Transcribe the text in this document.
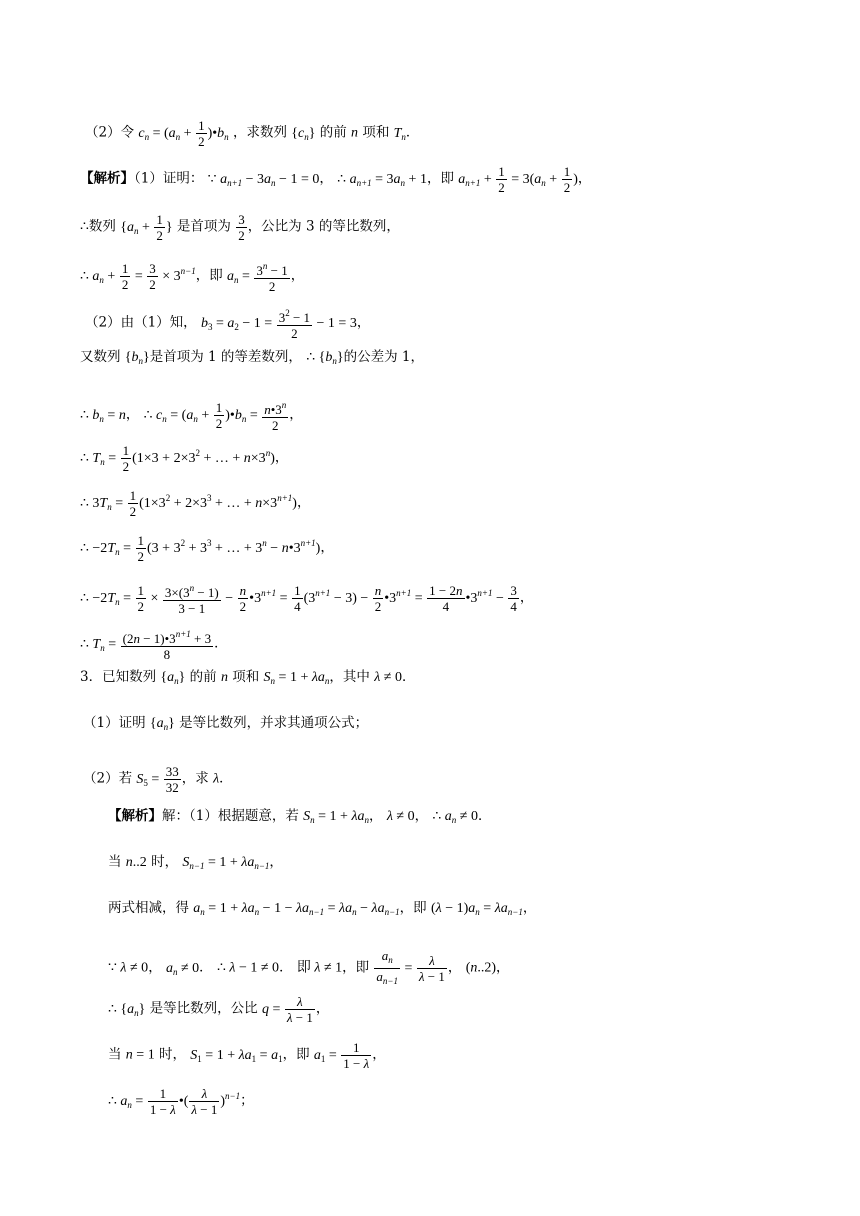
（2）令 $c_n = (a_n + \frac{1}{2}$ )$•b_n$ ，求数列 $\{c_n\}$ 的前 n 项和 $T_n$．
【解析】（1）证明： ∵ $a_{n+1} - 3a_n - 1 = 0$， ∴ $a_{n+1} = 3a_n + 1$，即 $a_{n+1} + \frac{1}{2} = 3(a_n + \frac{1}{2}$ )，
∴数列 {$a_n + \frac{1}{2}$ } 是首项为 $\frac{3}{2}$ ，公比为 3 的等比数列，
∴ $a_n + \frac{1}{2} = \frac{3}{2} \times 3^{n-1}$，即 $a_n = \frac{3^n - 1}{2}$ ，
（2）由（1）知， $b_3 = a_2 - 1 = \frac{3^2 - 1}{2} - 1 = 3$，
又数列 $\{b_n\}$是首项为 1 的等差数列， ∴ $\{b_n\}$的公差为 1，
∴ $b_n = n$， ∴ $c_n = (a_n + \frac{1}{2}$ )$•b_n = \frac{n•3^n}{2}$ ，
∴ $T_n = \frac{1}{2} (1\times 3 + 2\times 3^2$ + … + $n\times 3^n$)，
∴ $3T_n = \frac{1}{2} (1\times 3^2 + 2\times 3^3$ + … + $n\times 3^{n+1}$)，
∴ $-2T_n = \frac{1}{2} (3 + 3^2 + 3^3$ + … + $3^n$ − $n•3^{n+1}$)，
∴ $-2T_n = \frac{1}{2} \times \frac{3\times(3^n - 1)}{3 - 1} - \frac{n}{2}$ $•3^{n+1} = \frac{1}{4} (3^{n+1} - 3) - \frac{n}{2}$ $•3^{n+1} = \frac{1 - 2n}{4}$ $•3^{n+1} - \frac{3}{4}$ ，
∴ $T_n = \frac{(2n - 1)•3^{n+1} + 3}{8}$ ．
3．已知数列 $\{a_n\}$ 的前 n 项和 $S_n = 1 + \lambda a_n$，其中 λ ≠ 0．
（1）证明 $\{a_n\}$ 是等比数列，并求其通项公式；
（2）若 $S_5 = \frac{33}{32}$ ，求 λ．
【解析】解：（1）根据题意，若 $S_n = 1 + \lambda a_n$， λ ≠ 0， ∴ $a_n \ne 0$．
当 n..2 时， $S_{n-1} = 1 + \lambda a_{n-1}$，
两式相减，得 $a_n = 1 + \lambda a_n - 1 - \lambda a_{n-1} = \lambda a_n - \lambda a_{n-1}$，即 $(\lambda - 1)a_n = \lambda a_{n-1}$，
∵ λ ≠ 0， $a_n \ne 0$． ∴ λ − 1 ≠ 0． 即 λ ≠ 1，即 $\frac{a_n}{a_{n-1}} = \frac{\lambda}{\lambda - 1}$ ， (n..2)，
∴ $\{a_n\}$ 是等比数列，公比 $q = \frac{\lambda}{\lambda - 1}$ ，
当 n = 1 时， $S_1 = 1 + \lambda a_1 = a_1$，即 $a_1 = \frac{1}{1 - \lambda}$ ，
∴ $a_n = \frac{1}{1 - \lambda}$ •( $\frac{\lambda}{\lambda - 1} )^{n-1}$；
